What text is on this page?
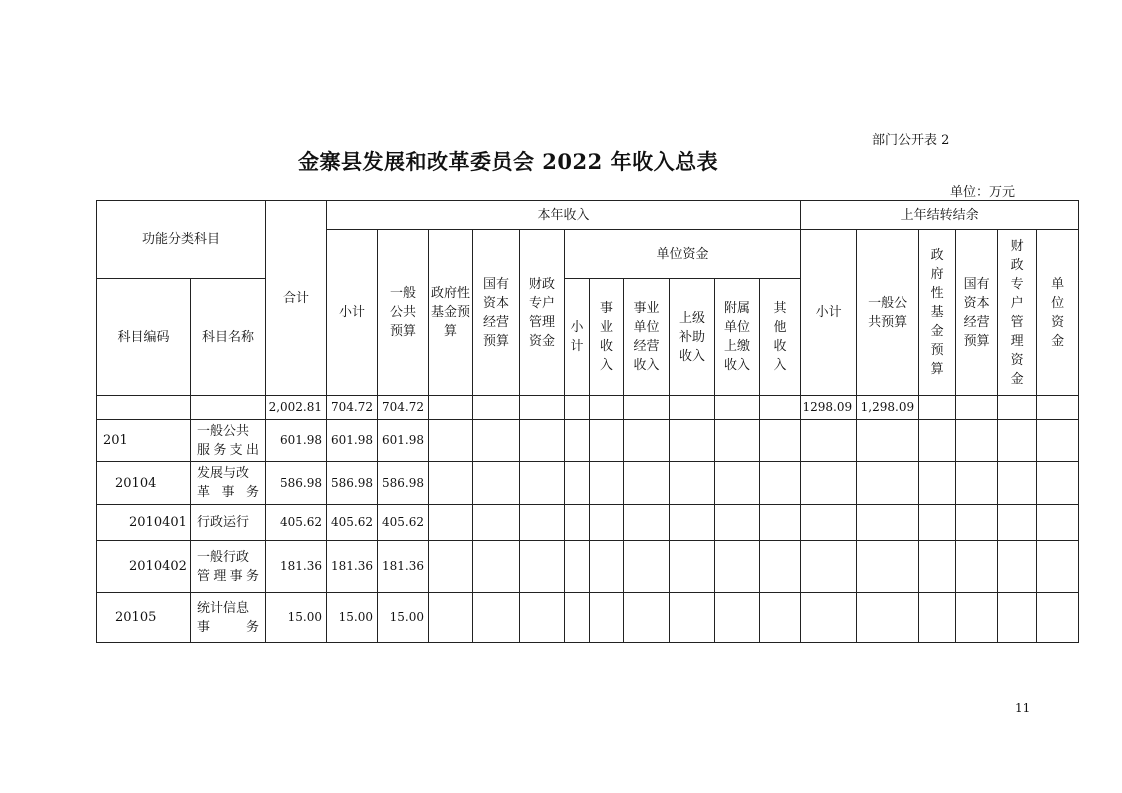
部门公开表 2
金寨县发展和改革委员会 2022 年收入总表
单位：万元
功能分类科目		合计	本年收入											上年结转结余					
			小计	一般公共预算	政府性基金预算	国有资本经营预算	财政专户管理资金	单位资金						小计	一般公共预算	政府性基金预算	国有资本经营预算	财政专户管理资金	单位资金
科目编码	科目名称							小计	事业收入	事业单位经营收入	上级补助收入	附属单位上缴收入	其他收入						
		2,002.81	704.72	704.72										1298.09	1,298.09				
201	一般公共服务支出	601.98	601.98	601.98															
20104	发展与改革事务	586.98	586.98	586.98															
2010401	行政运行	405.62	405.62	405.62															
2010402	一般行政管理事务	181.36	181.36	181.36															
20105	统计信息事务	15.00	15.00	15.00															
11
